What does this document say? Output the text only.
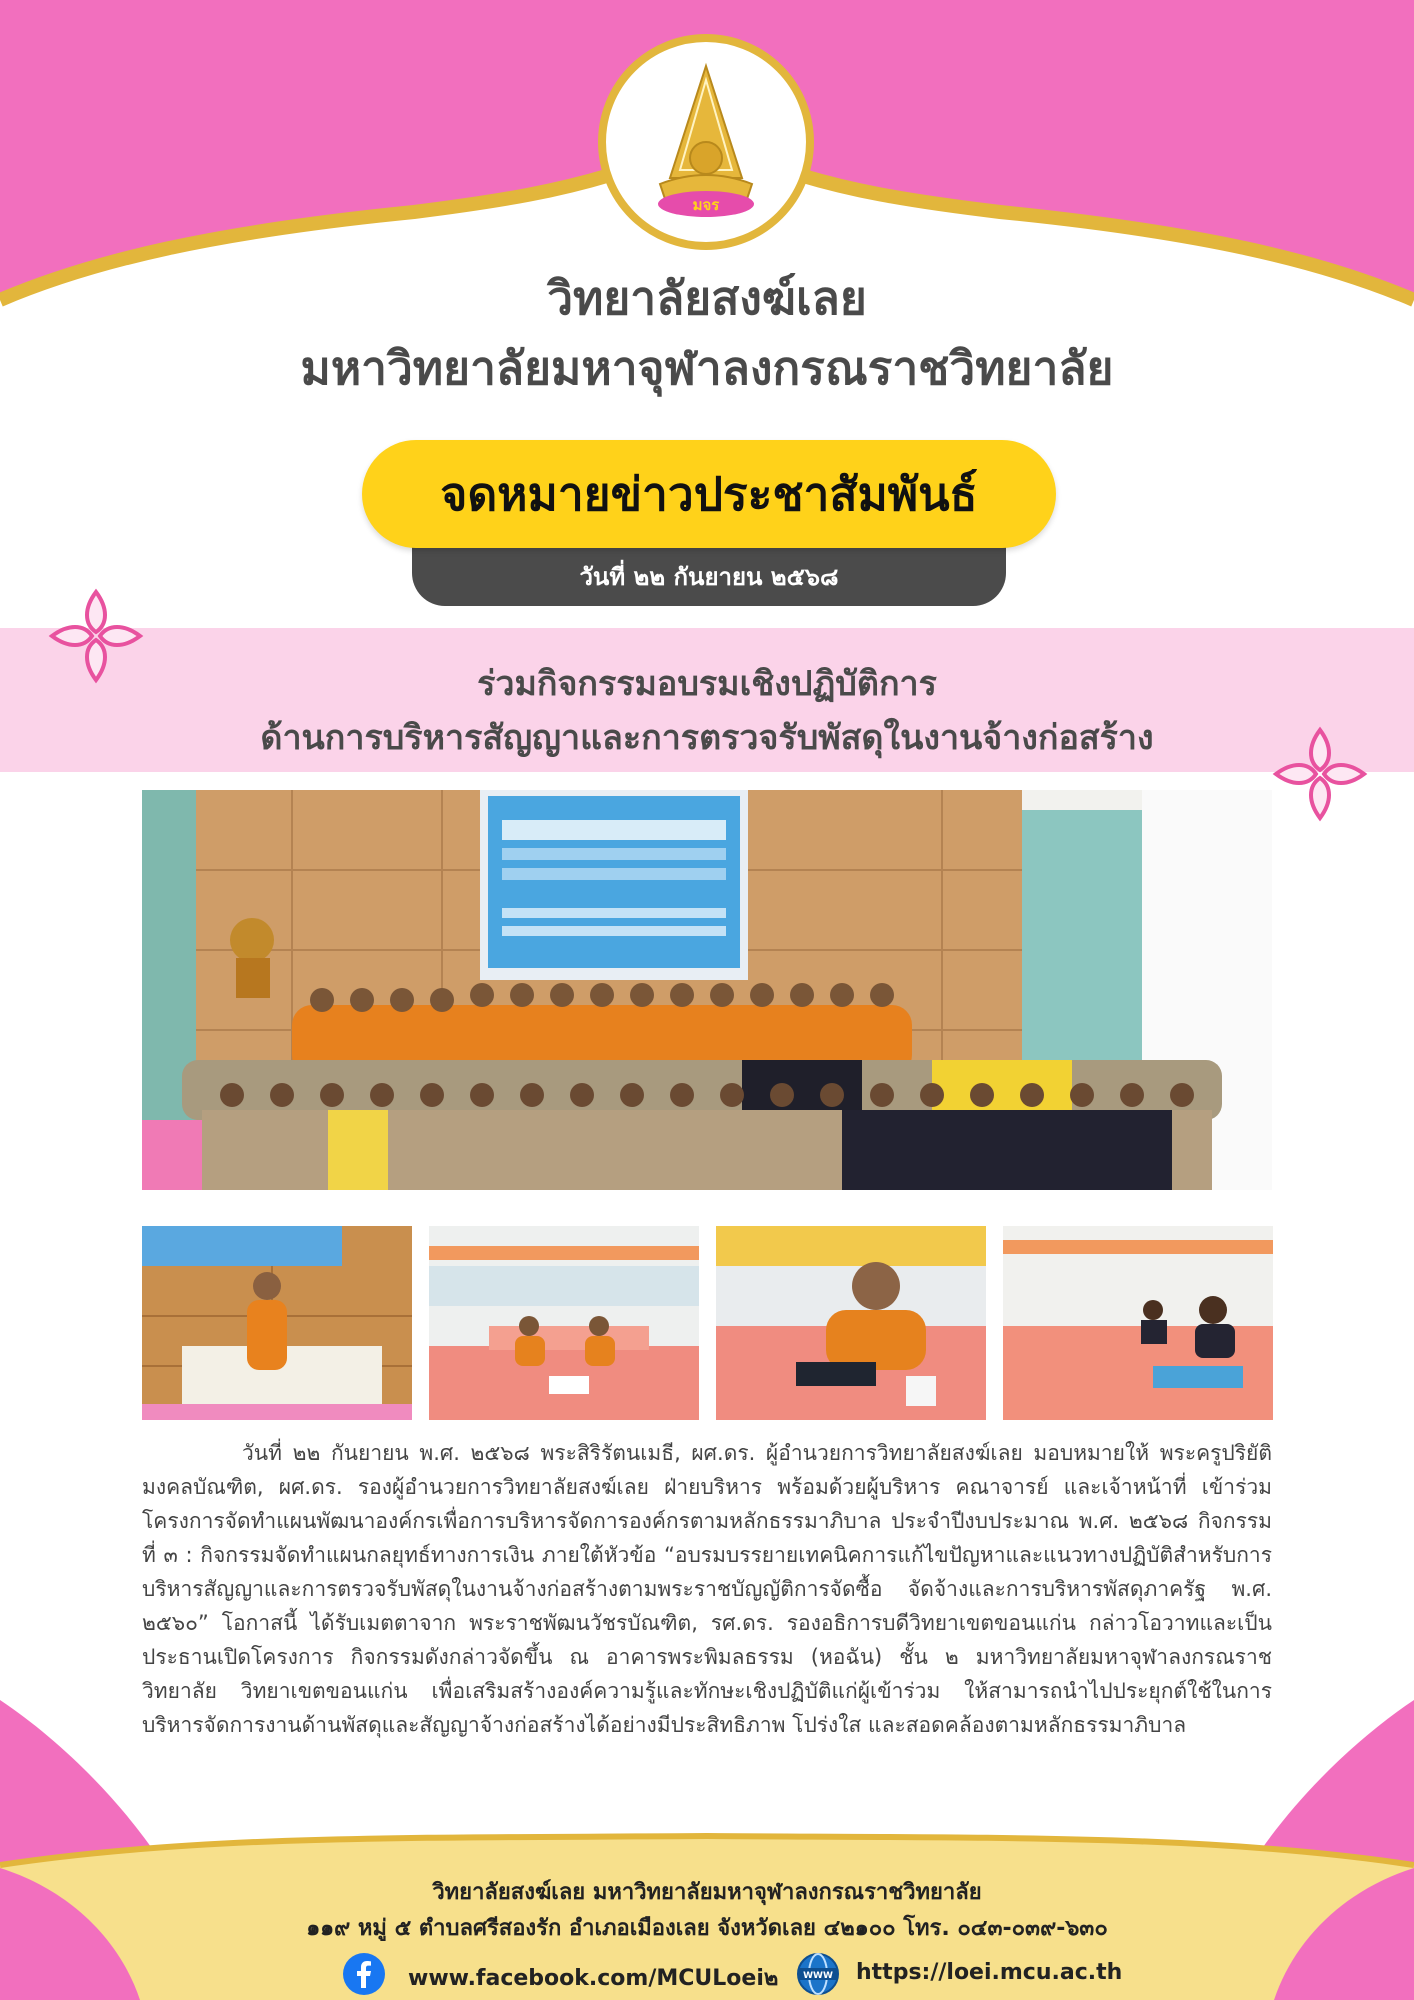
มจร
วิทยาลัยสงฆ์เลย
มหาวิทยาลัยมหาจุฬาลงกรณราชวิทยาลัย
จดหมายข่าวประชาสัมพันธ์
วันที่ ๒๒ กันยายน ๒๕๖๘
ร่วมกิจกรรมอบรมเชิงปฏิบัติการ
ด้านการบริหารสัญญาและการตรวจรับพัสดุในงานจ้างก่อสร้าง
วันที่ ๒๒ กันยายน พ.ศ. ๒๕๖๘ พระสิริรัตนเมธี, ผศ.ดร. ผู้อำนวยการวิทยาลัยสงฆ์เลย มอบหมายให้ พระครูปริยัติมงคลบัณฑิต, ผศ.ดร. รองผู้อำนวยการวิทยาลัยสงฆ์เลย ฝ่ายบริหาร พร้อมด้วยผู้บริหาร คณาจารย์ และเจ้าหน้าที่ เข้าร่วม โครงการจัดทำแผนพัฒนาองค์กรเพื่อการบริหารจัดการองค์กรตามหลักธรรมาภิบาล ประจำปีงบประมาณ พ.ศ. ๒๕๖๘ กิจกรรมที่ ๓ : กิจกรรมจัดทำแผนกลยุทธ์ทางการเงิน ภายใต้หัวข้อ “อบรมบรรยายเทคนิคการแก้ไขปัญหาและแนวทางปฏิบัติสำหรับการบริหารสัญญาและการตรวจรับพัสดุในงานจ้างก่อสร้างตามพระราชบัญญัติการจัดซื้อ จัดจ้างและการบริหารพัสดุภาครัฐ พ.ศ. ๒๕๖๐” โอกาสนี้ ได้รับเมตตาจาก พระราชพัฒนวัชรบัณฑิต, รศ.ดร. รองอธิการบดีวิทยาเขตขอนแก่น กล่าวโอวาทและเป็นประธานเปิดโครงการ กิจกรรมดังกล่าวจัดขึ้น ณ อาคารพระพิมลธรรม (หอฉัน) ชั้น ๒ มหาวิทยาลัยมหาจุฬาลงกรณราชวิทยาลัย วิทยาเขตขอนแก่น เพื่อเสริมสร้างองค์ความรู้และทักษะเชิงปฏิบัติแก่ผู้เข้าร่วม ให้สามารถนำไปประยุกต์ใช้ในการบริหารจัดการงานด้านพัสดุและสัญญาจ้างก่อสร้างได้อย่างมีประสิทธิภาพ โปร่งใส และสอดคล้องตามหลักธรรมาภิบาล
วิทยาลัยสงฆ์เลย มหาวิทยาลัยมหาจุฬาลงกรณราชวิทยาลัย
๑๑๙ หมู่ ๕ ตำบลศรีสองรัก อำเภอเมืองเลย จังหวัดเลย ๔๒๑๐๐ โทร. ๐๔๓-๐๓๙-๖๓๐
www.facebook.com/MCULoei๒	WWW https://loei.mcu.ac.th
